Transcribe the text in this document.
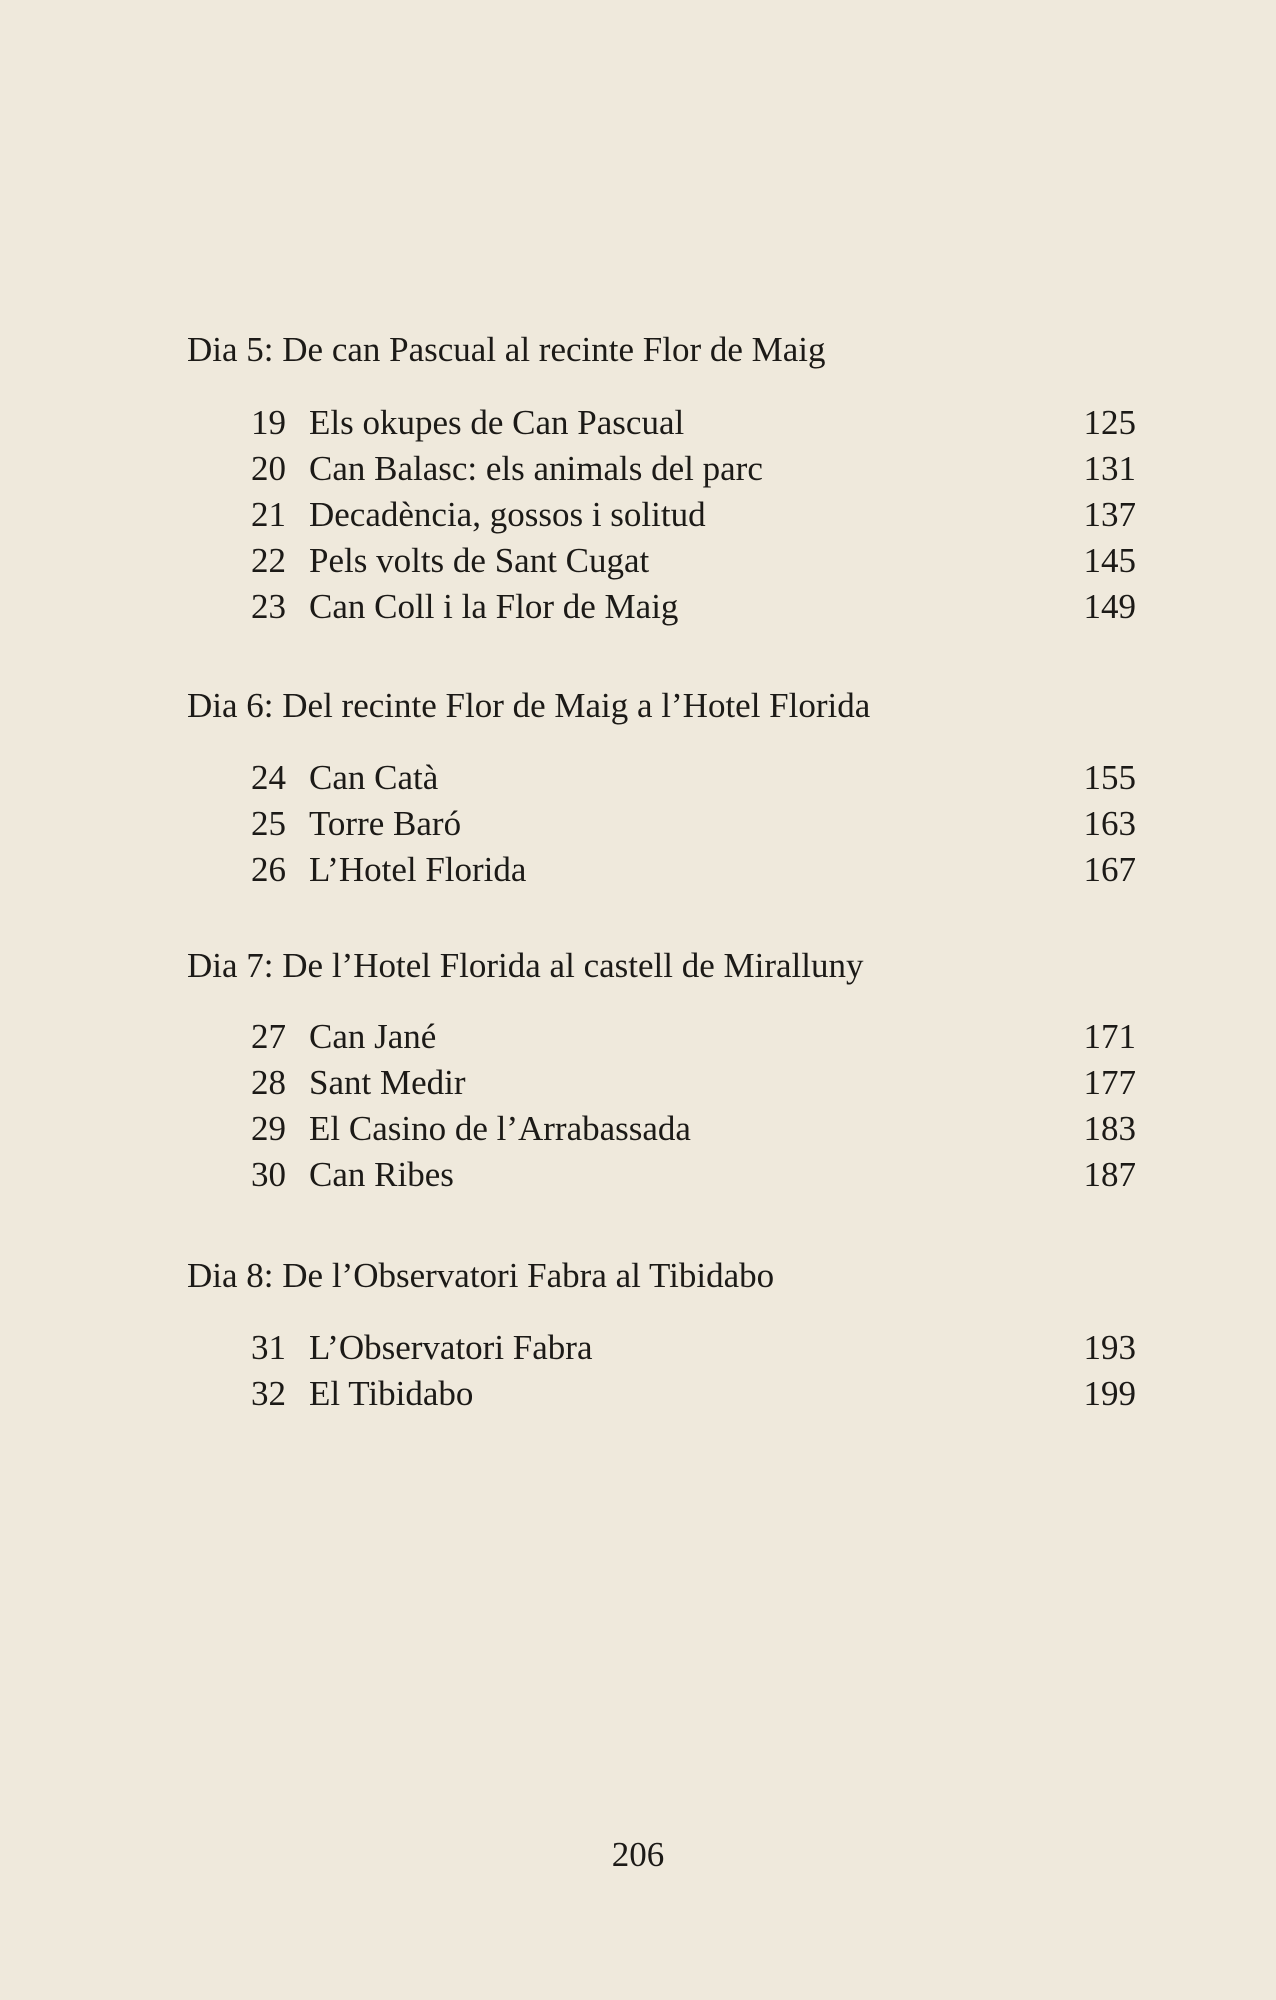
Dia 5: De can Pascual al recinte Flor de Maig
19 Els okupes de Can Pascual	125
20 Can Balasc: els animals del parc	131
21 Decadència, gossos i solitud	137
22 Pels volts de Sant Cugat	145
23 Can Coll i la Flor de Maig	149
Dia 6: Del recinte Flor de Maig a l’Hotel Florida
24 Can Catà	155
25 Torre Baró	163
26 L’Hotel Florida	167
Dia 7: De l’Hotel Florida al castell de Miralluny
27 Can Jané	171
28 Sant Medir	177
29 El Casino de l’Arrabassada	183
30 Can Ribes	187
Dia 8: De l’Observatori Fabra al Tibidabo
31 L’Observatori Fabra	193
32 El Tibidabo	199
206
